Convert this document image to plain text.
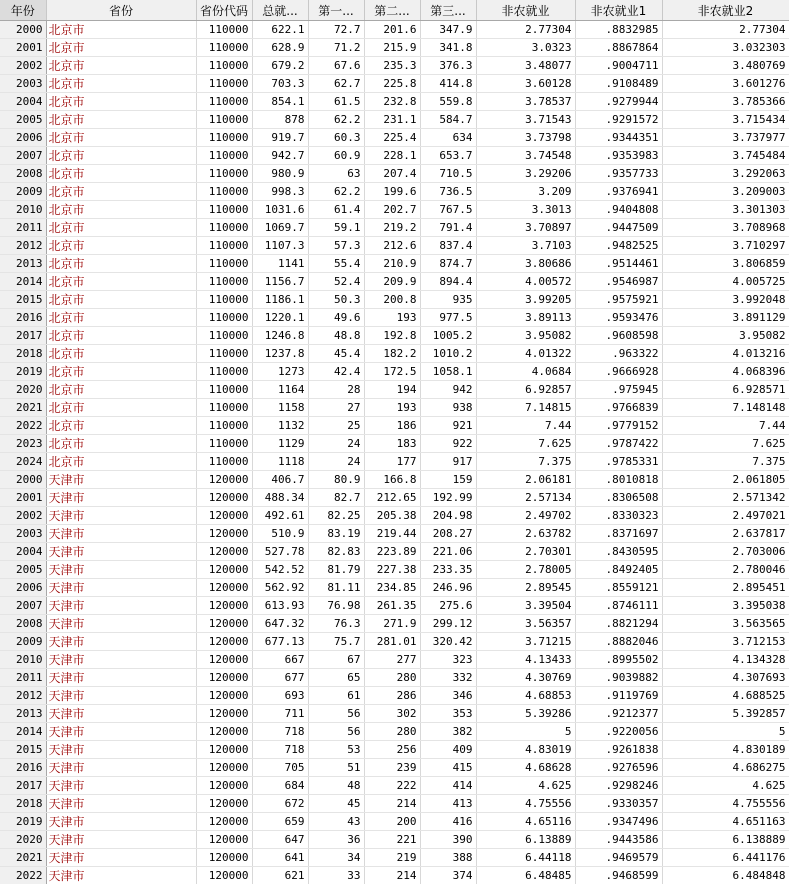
年份	省份	省份代码	总就...	第一...	第二...	第三...	非农就业	非农就业1	非农就业2
2000	北京市	110000	622.1	72.7	201.6	347.9	2.77304	.8832985	2.77304
2001	北京市	110000	628.9	71.2	215.9	341.8	3.0323	.8867864	3.032303
2002	北京市	110000	679.2	67.6	235.3	376.3	3.48077	.9004711	3.480769
2003	北京市	110000	703.3	62.7	225.8	414.8	3.60128	.9108489	3.601276
2004	北京市	110000	854.1	61.5	232.8	559.8	3.78537	.9279944	3.785366
2005	北京市	110000	878	62.2	231.1	584.7	3.71543	.9291572	3.715434
2006	北京市	110000	919.7	60.3	225.4	634	3.73798	.9344351	3.737977
2007	北京市	110000	942.7	60.9	228.1	653.7	3.74548	.9353983	3.745484
2008	北京市	110000	980.9	63	207.4	710.5	3.29206	.9357733	3.292063
2009	北京市	110000	998.3	62.2	199.6	736.5	3.209	.9376941	3.209003
2010	北京市	110000	1031.6	61.4	202.7	767.5	3.3013	.9404808	3.301303
2011	北京市	110000	1069.7	59.1	219.2	791.4	3.70897	.9447509	3.708968
2012	北京市	110000	1107.3	57.3	212.6	837.4	3.7103	.9482525	3.710297
2013	北京市	110000	1141	55.4	210.9	874.7	3.80686	.9514461	3.806859
2014	北京市	110000	1156.7	52.4	209.9	894.4	4.00572	.9546987	4.005725
2015	北京市	110000	1186.1	50.3	200.8	935	3.99205	.9575921	3.992048
2016	北京市	110000	1220.1	49.6	193	977.5	3.89113	.9593476	3.891129
2017	北京市	110000	1246.8	48.8	192.8	1005.2	3.95082	.9608598	3.95082
2018	北京市	110000	1237.8	45.4	182.2	1010.2	4.01322	.963322	4.013216
2019	北京市	110000	1273	42.4	172.5	1058.1	4.0684	.9666928	4.068396
2020	北京市	110000	1164	28	194	942	6.92857	.975945	6.928571
2021	北京市	110000	1158	27	193	938	7.14815	.9766839	7.148148
2022	北京市	110000	1132	25	186	921	7.44	.9779152	7.44
2023	北京市	110000	1129	24	183	922	7.625	.9787422	7.625
2024	北京市	110000	1118	24	177	917	7.375	.9785331	7.375
2000	天津市	120000	406.7	80.9	166.8	159	2.06181	.8010818	2.061805
2001	天津市	120000	488.34	82.7	212.65	192.99	2.57134	.8306508	2.571342
2002	天津市	120000	492.61	82.25	205.38	204.98	2.49702	.8330323	2.497021
2003	天津市	120000	510.9	83.19	219.44	208.27	2.63782	.8371697	2.637817
2004	天津市	120000	527.78	82.83	223.89	221.06	2.70301	.8430595	2.703006
2005	天津市	120000	542.52	81.79	227.38	233.35	2.78005	.8492405	2.780046
2006	天津市	120000	562.92	81.11	234.85	246.96	2.89545	.8559121	2.895451
2007	天津市	120000	613.93	76.98	261.35	275.6	3.39504	.8746111	3.395038
2008	天津市	120000	647.32	76.3	271.9	299.12	3.56357	.8821294	3.563565
2009	天津市	120000	677.13	75.7	281.01	320.42	3.71215	.8882046	3.712153
2010	天津市	120000	667	67	277	323	4.13433	.8995502	4.134328
2011	天津市	120000	677	65	280	332	4.30769	.9039882	4.307693
2012	天津市	120000	693	61	286	346	4.68853	.9119769	4.688525
2013	天津市	120000	711	56	302	353	5.39286	.9212377	5.392857
2014	天津市	120000	718	56	280	382	5	.9220056	5
2015	天津市	120000	718	53	256	409	4.83019	.9261838	4.830189
2016	天津市	120000	705	51	239	415	4.68628	.9276596	4.686275
2017	天津市	120000	684	48	222	414	4.625	.9298246	4.625
2018	天津市	120000	672	45	214	413	4.75556	.9330357	4.755556
2019	天津市	120000	659	43	200	416	4.65116	.9347496	4.651163
2020	天津市	120000	647	36	221	390	6.13889	.9443586	6.138889
2021	天津市	120000	641	34	219	388	6.44118	.9469579	6.441176
2022	天津市	120000	621	33	214	374	6.48485	.9468599	6.484848
